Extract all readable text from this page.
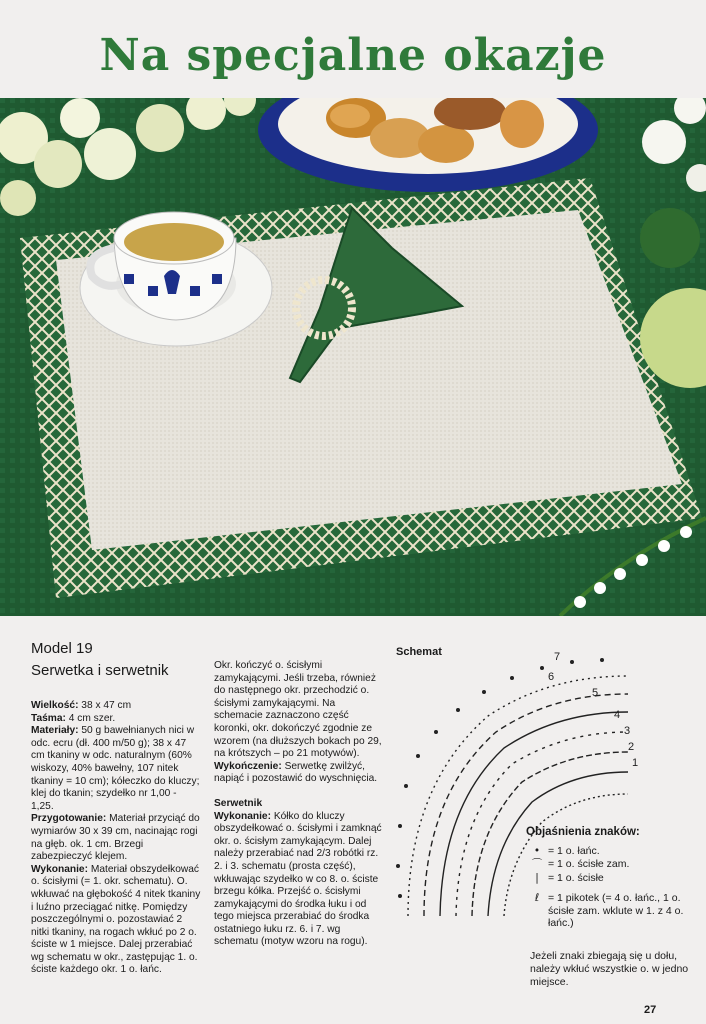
Na specjalne okazje
Model 19
Serwetka i serwetnik

Wielkość: 38 x 47 cm

Taśma: 4 cm szer.

Materiały: 50 g bawełnianych nici w odc. ecru (dł. 400 m/50 g); 38 x 47 cm tkaniny w odc. naturalnym (60% wiskozy, 40% bawełny, 107 nitek tkaniny = 10 cm); kółeczko do kluczy; klej do tkanin; szydełko nr 1,00 - 1,25.

Przygotowanie: Materiał przyciąć do wymiarów 30 x 39 cm, nacinając rogi na głęb. ok. 1 cm. Brzegi zabezpieczyć klejem.

Wykonanie: Materiał obszydełkować o. ścisłymi (= 1. okr. schematu). O. wkłuwać na głębokość 4 nitek tkaniny i luźno przeciągać nitkę. Pomiędzy poszczególnymi o. pozostawiać 2 nitki tkaniny, na rogach wkłuć po 2 o. ściste w 1 miejsce. Dalej przerabiać wg schematu w okr., zastępując 1. o. ściste każdego okr. 1 o. łańc.

Okr. kończyć o. ścisłymi zamykającymi. Jeśli trzeba, również do następnego okr. przechodzić o. ścisłymi zamykającymi. Na schemacie zaznaczono część koronki, okr. dokończyć zgodnie ze wzorem (na dłuższych bokach po 29, na krótszych – po 21 motywów).

Wykończenie: Serwetkę zwilżyć, napiąć i pozostawić do wyschnięcia.

Serwetnik

Wykonanie: Kółko do kluczy obszydełkować o. ścisłymi i zamknąć okr. o. ścisłym zamykającym. Dalej należy przerabiać nad 2/3 robótki rz. 2. i 3. schematu (prosta część), wkłuwając szydełko w co 8. o. ściste brzegu kółka. Przejść o. ścisłymi zamykającymi do środka łuku i od tego miejsca przerabiać do środka ostatniego łuku rz. 6. i 7. wg schematu (motyw wzoru na rogu).

Schemat
1
2
3
4
5
6
7
Objaśnienia znaków:
• = 1 o. łańc.
⌒ = 1 o. ścisłe zam.
| = 1 o. ścisłe
ℓ = 1 pikotek (= 4 o. łańc., 1 o. ścisłe zam. wklute w 1. z 4 o. łańc.)
Jeżeli znaki zbiegają się u dołu, należy wkłuć wszystkie o. w jedno miejsce.
27
